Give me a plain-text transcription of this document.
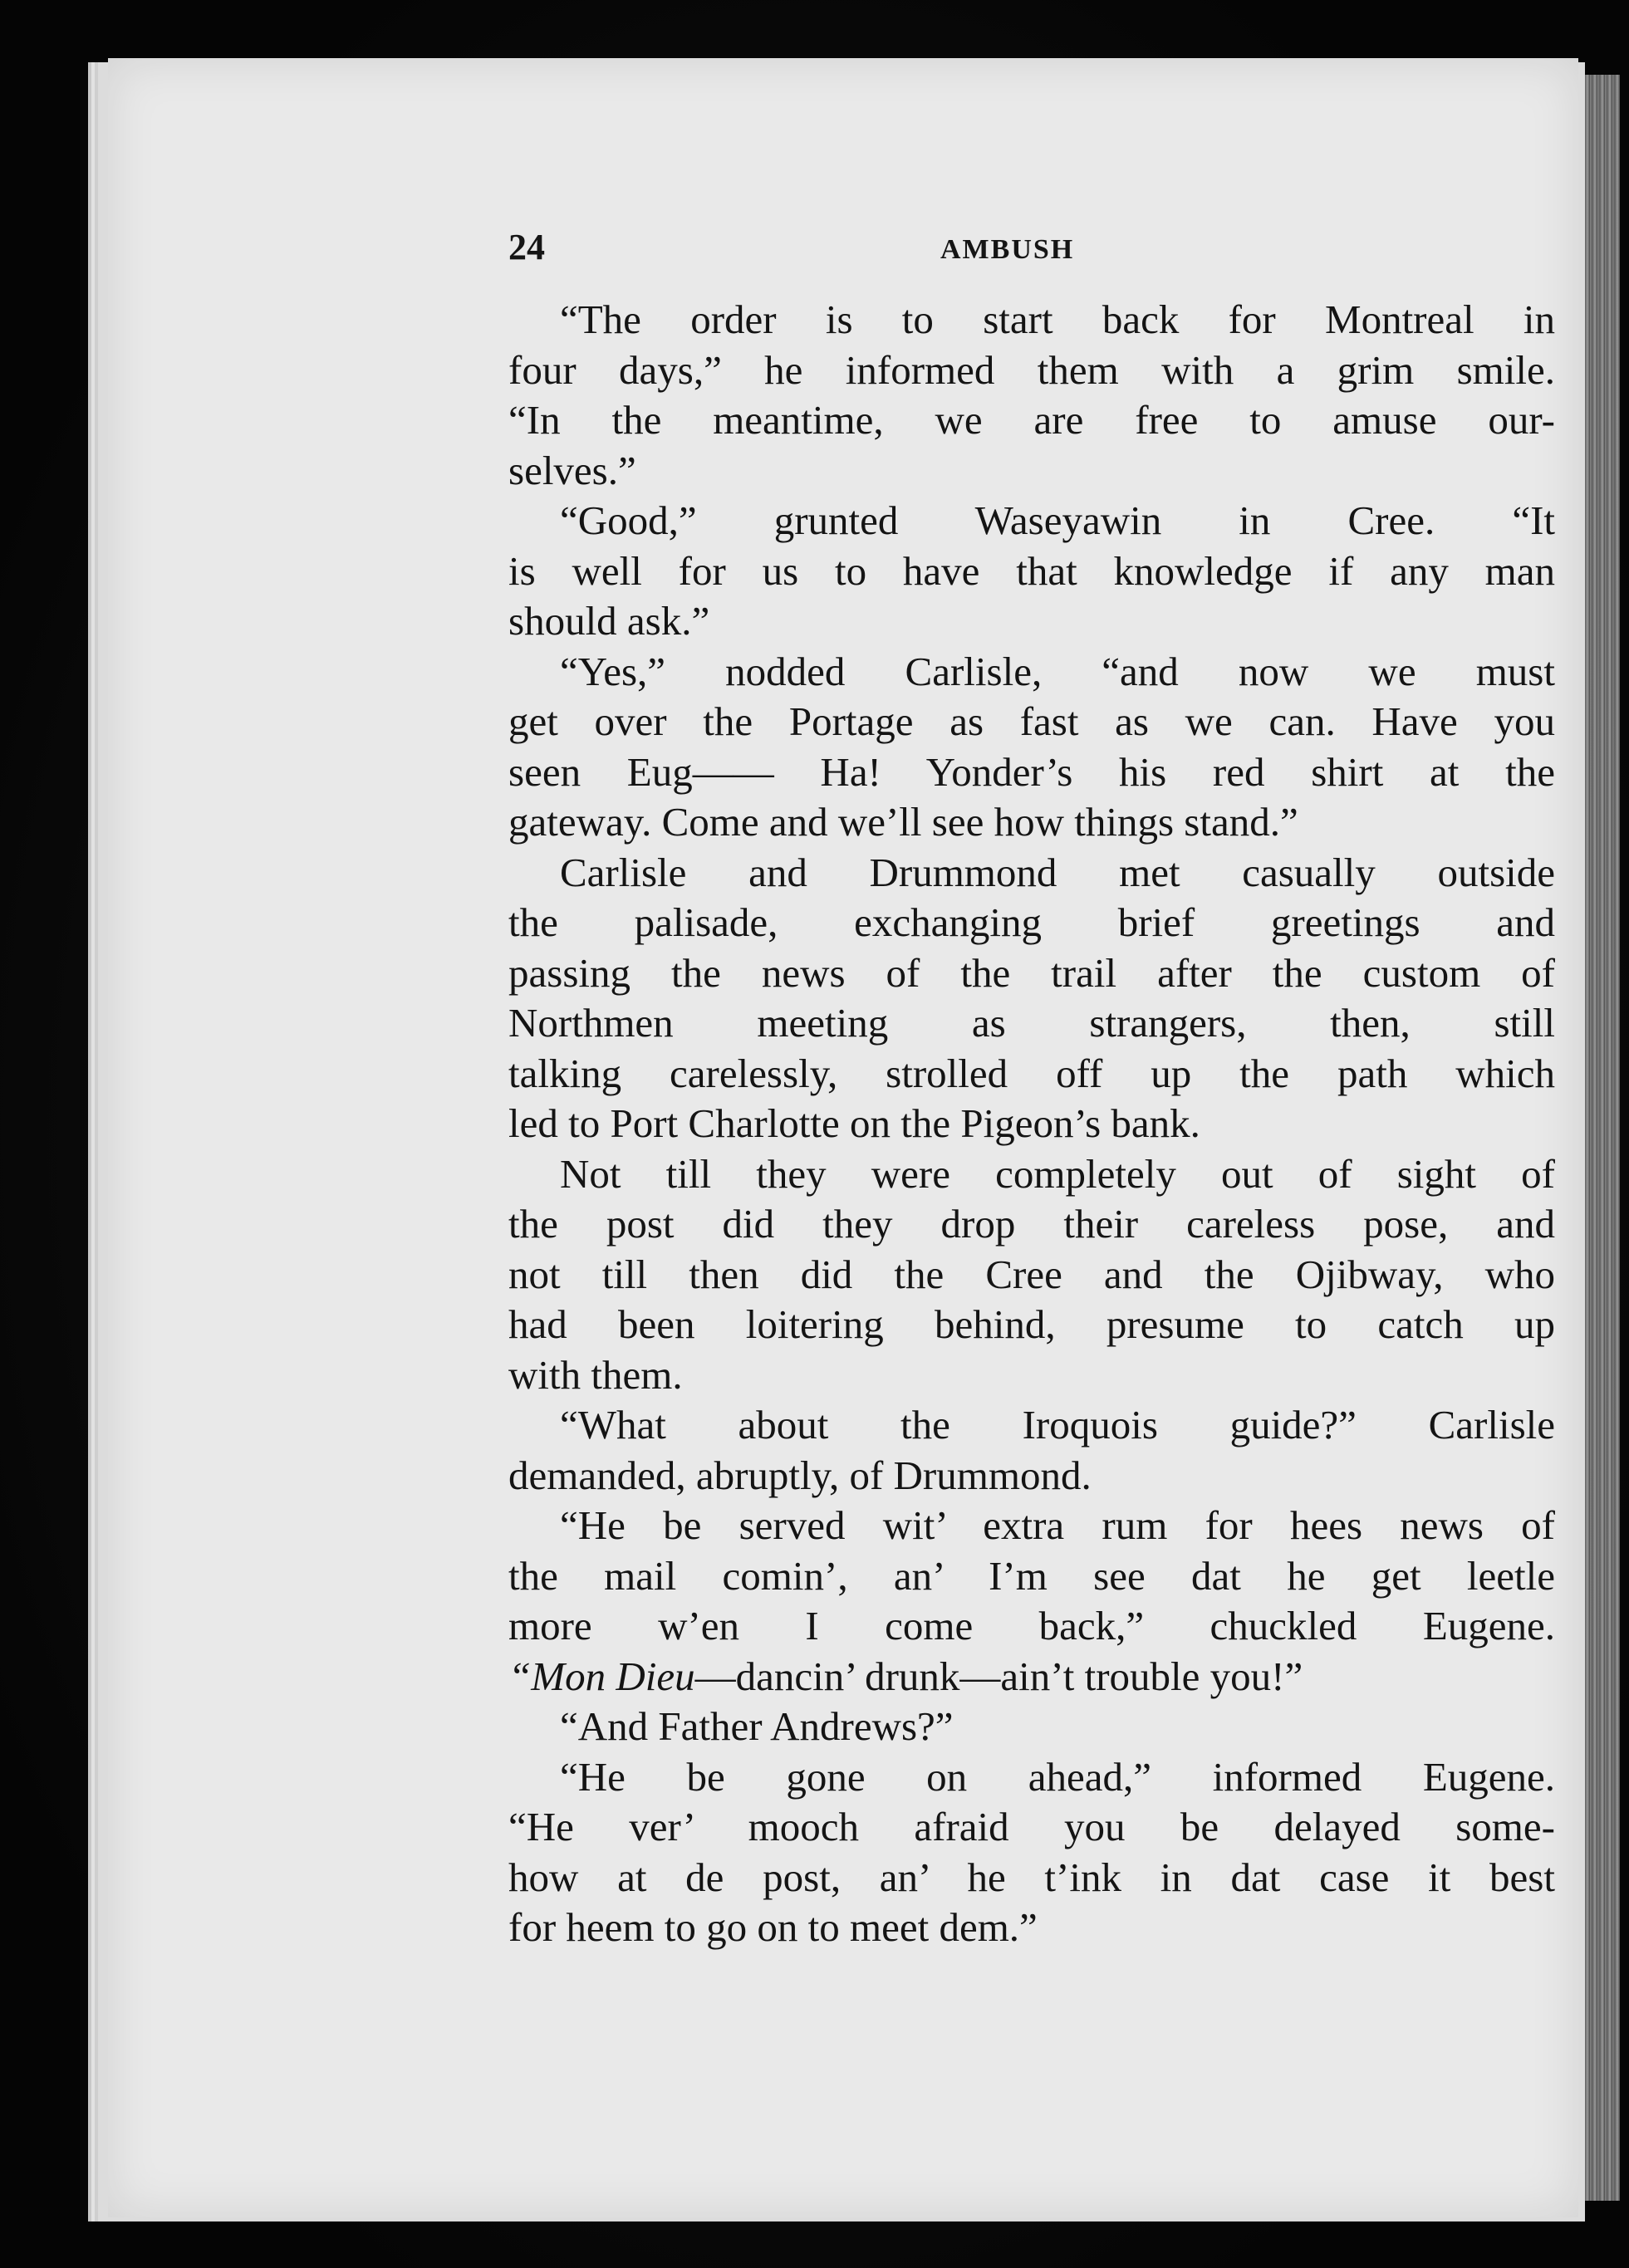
24	AMBUSH
“The order is to start back for Montreal in
four days,” he informed them with a grim smile.
“In the meantime, we are free to amuse our-
selves.”
“Good,” grunted Waseyawin in Cree. “It
is well for us to have that knowledge if any man
should ask.”
“Yes,” nodded Carlisle, “and now we must
get over the Portage as fast as we can. Have you
seen Eug—— Ha! Yonder’s his red shirt at the
gateway. Come and we’ll see how things stand.”
Carlisle and Drummond met casually outside
the palisade, exchanging brief greetings and
passing the news of the trail after the custom of
Northmen meeting as strangers, then, still
talking carelessly, strolled off up the path which
led to Port Charlotte on the Pigeon’s bank.
Not till they were completely out of sight of
the post did they drop their careless pose, and
not till then did the Cree and the Ojibway, who
had been loitering behind, presume to catch up
with them.
“What about the Iroquois guide?” Carlisle
demanded, abruptly, of Drummond.
“He be served wit’ extra rum for hees news of
the mail comin’, an’ I’m see dat he get leetle
more w’en I come back,” chuckled Eugene.
“Mon Dieu—dancin’ drunk—ain’t trouble you!”
“And Father Andrews?”
“He be gone on ahead,” informed Eugene.
“He ver’ mooch afraid you be delayed some-
how at de post, an’ he t’ink in dat case it best
for heem to go on to meet dem.”
